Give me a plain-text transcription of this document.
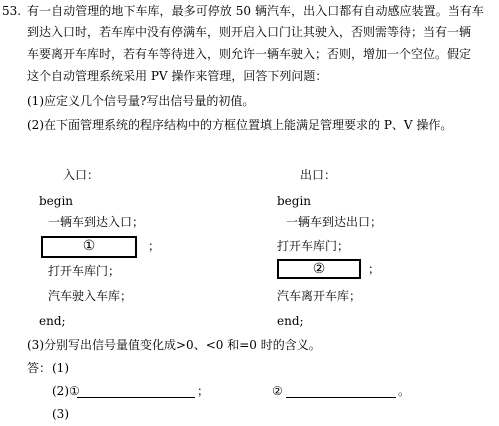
53. 有一自动管理的地下车库，最多可停放 50 辆汽车，出入口都有自动感应装置。当有车
到达入口时，若车库中没有停满车，则开启入口门让其驶入，否则需等待；当有一辆
车要离开车库时，若有车等待进入，则允许一辆车驶入；否则，增加一个空位。假定
这个自动管理系统采用 PV 操作来管理，回答下列问题：
(1)应定义几个信号量?写出信号量的初值。
(2)在下面管理系统的程序结构中的方框位置填上能满足管理要求的 P、V 操作。
入口：
begin
一辆车到达入口；
①	；
打开车库门；
汽车驶入车库；
end;
出口：
begin
一辆车到达出口；
打开车库门；
②	；
汽车离开车库；
end;
(3)分别写出信号量值变化成>0、<0 和=0 时的含义。
答： (1)
(2)①	；	②	。
(3)
